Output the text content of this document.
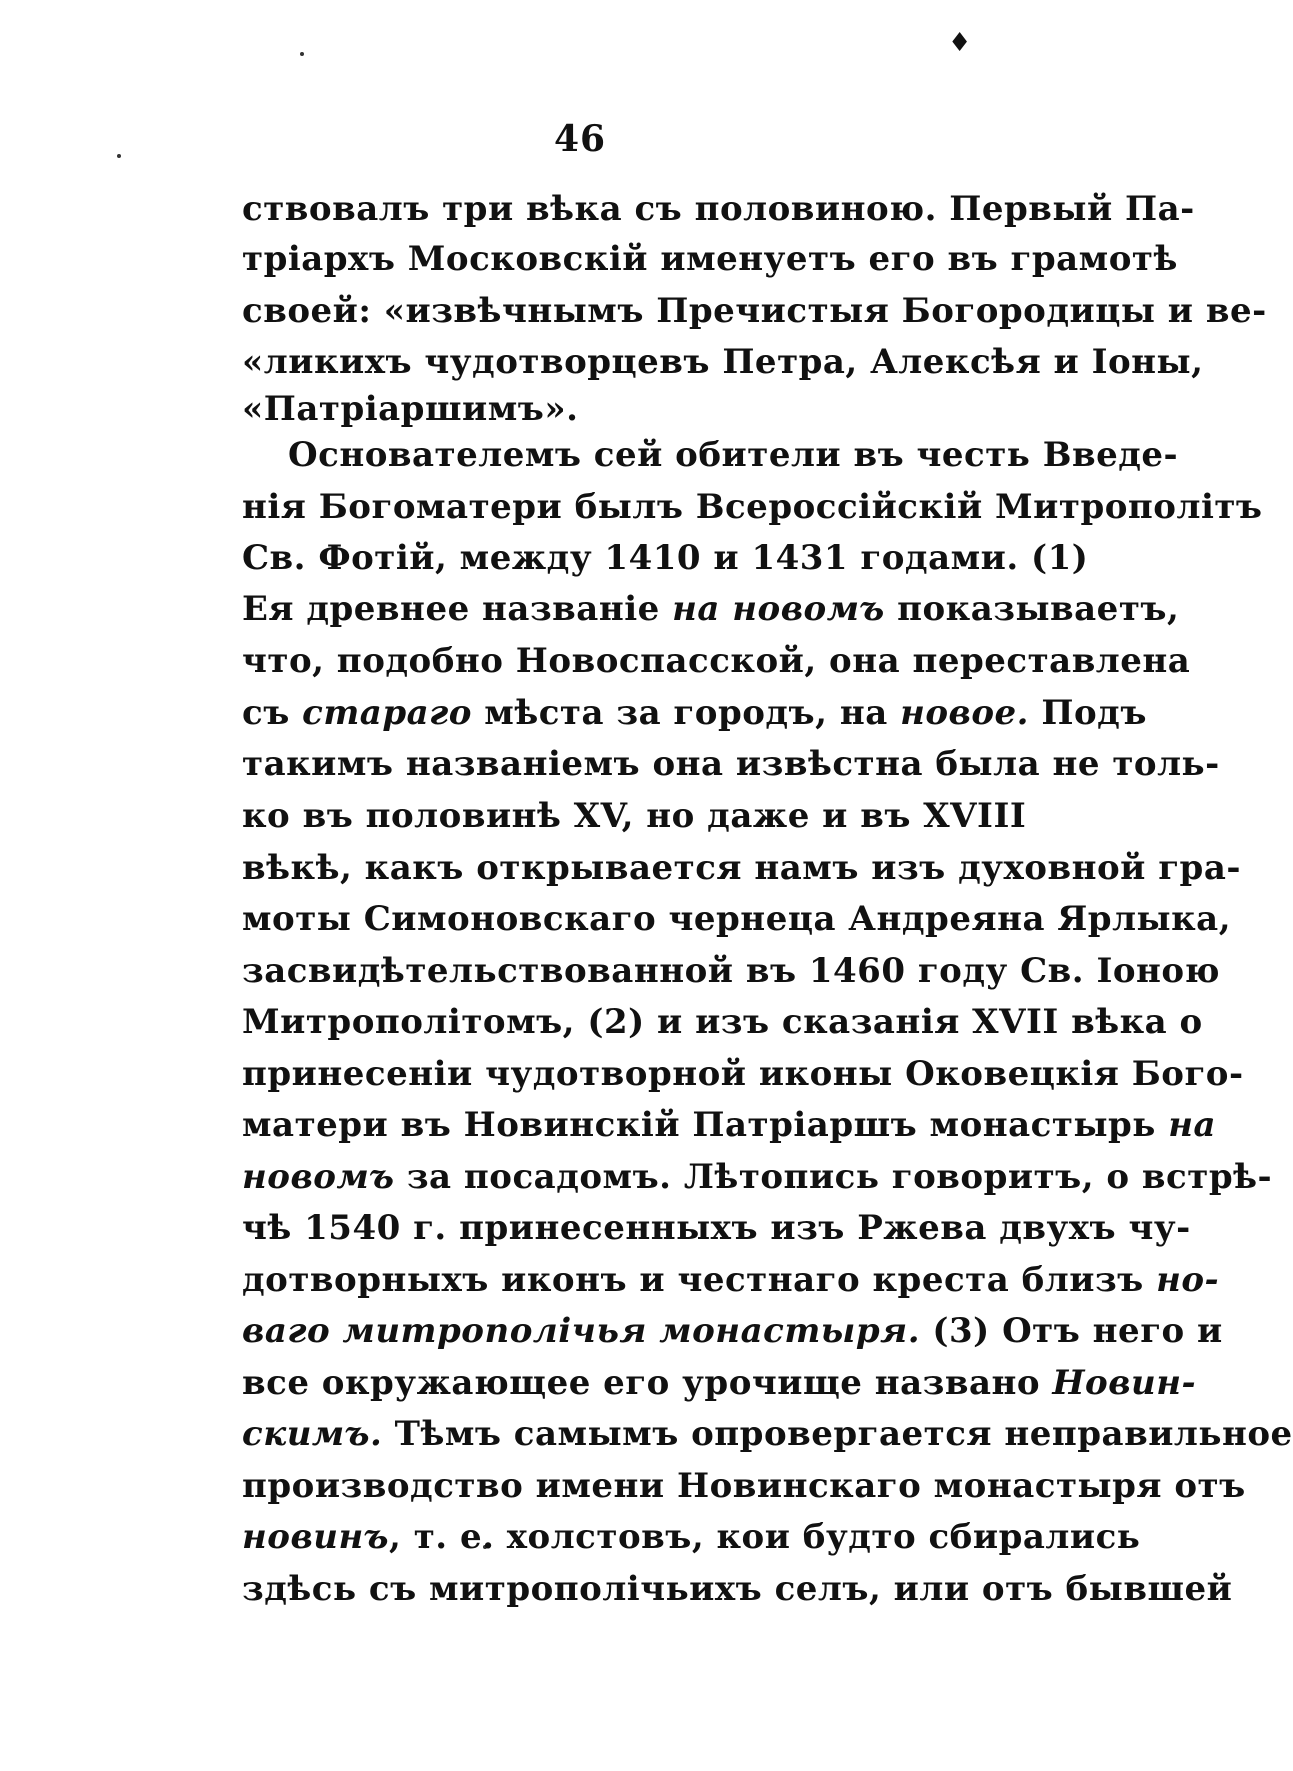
♦
46
ствовалъ три вѣка съ половиною. Первый Па-
тріархъ Московскій именуетъ его въ грамотѣ
своей: «извѣчнымъ Пречистыя Богородицы и ве-
«ликихъ чудотворцевъ Петра, Алексѣя и Іоны,
«Патріаршимъ».
Основателемъ сей обители въ честь Введе-
нія Богоматери былъ Всероссійскій Митрополітъ
Св. Фотій, между 1410 и 1431 годами. (1)
Ея древнее названіе на новомъ показываетъ,
что, подобно Новоспасской, она переставлена
съ стараго мѣста за городъ, на новое. Подъ
такимъ названіемъ она извѣстна была не толь-
ко въ половинѣ XV, но даже и въ XVIII
вѣкѣ, какъ открывается намъ изъ духовной гра-
моты Симоновскаго чернеца Андреяна Ярлыка,
засвидѣтельствованной въ 1460 году Св. Іоною
Митрополітомъ, (2) и изъ сказанія XVII вѣка о
принесеніи чудотворной иконы Оковецкія Бого-
матери въ Новинскій Патріаршъ монастырь на
новомъ за посадомъ. Лѣтопись говоритъ, о встрѣ-
чѣ 1540 г. принесенныхъ изъ Ржева двухъ чу-
дотворныхъ иконъ и честнаго креста близъ но-
ваго митрополічья монастыря. (3) Отъ него и
все окружающее его урочище названо Новин-
скимъ. Тѣмъ самымъ опровергается неправильное
производство имени Новинскаго монастыря отъ
новинъ, т. е. холстовъ, кои будто сбирались
здѣсь съ митрополічьихъ селъ, или отъ бывшей
